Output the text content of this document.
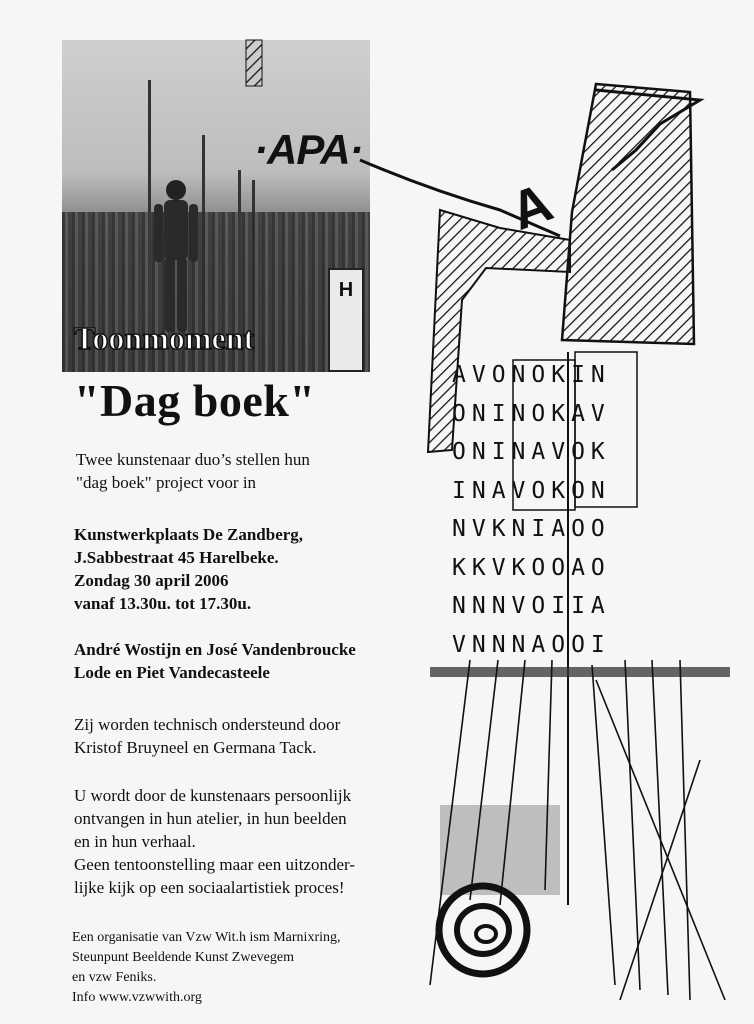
H
Toonmoment
·APA·
A
AVONOKIN
ONINOKAV
ONINAVOK
INAVOKON
NVKNIAOO
KKVKOOAO
NNNVOIIA
VNNNAOOI
"Dag boek"
Twee kunstenaar duo’s stellen hun
"dag boek" project voor in
Kunstwerkplaats De Zandberg,
J.Sabbestraat 45 Harelbeke.
Zondag 30 april 2006
vanaf 13.30u. tot 17.30u.
André Wostijn en José Vandenbroucke
Lode en Piet Vandecasteele
Zij worden technisch ondersteund door
Kristof Bruyneel en Germana Tack.
U wordt door de kunstenaars persoonlijk
ontvangen in hun atelier, in hun beelden
en in hun verhaal.
Geen tentoonstelling maar een uitzonder-
lijke kijk op een sociaalartistiek proces!
Een organisatie van Vzw Wit.h ism Marnixring,
Steunpunt Beeldende Kunst Zwevegem
en vzw Feniks.
Info www.vzwwith.org
